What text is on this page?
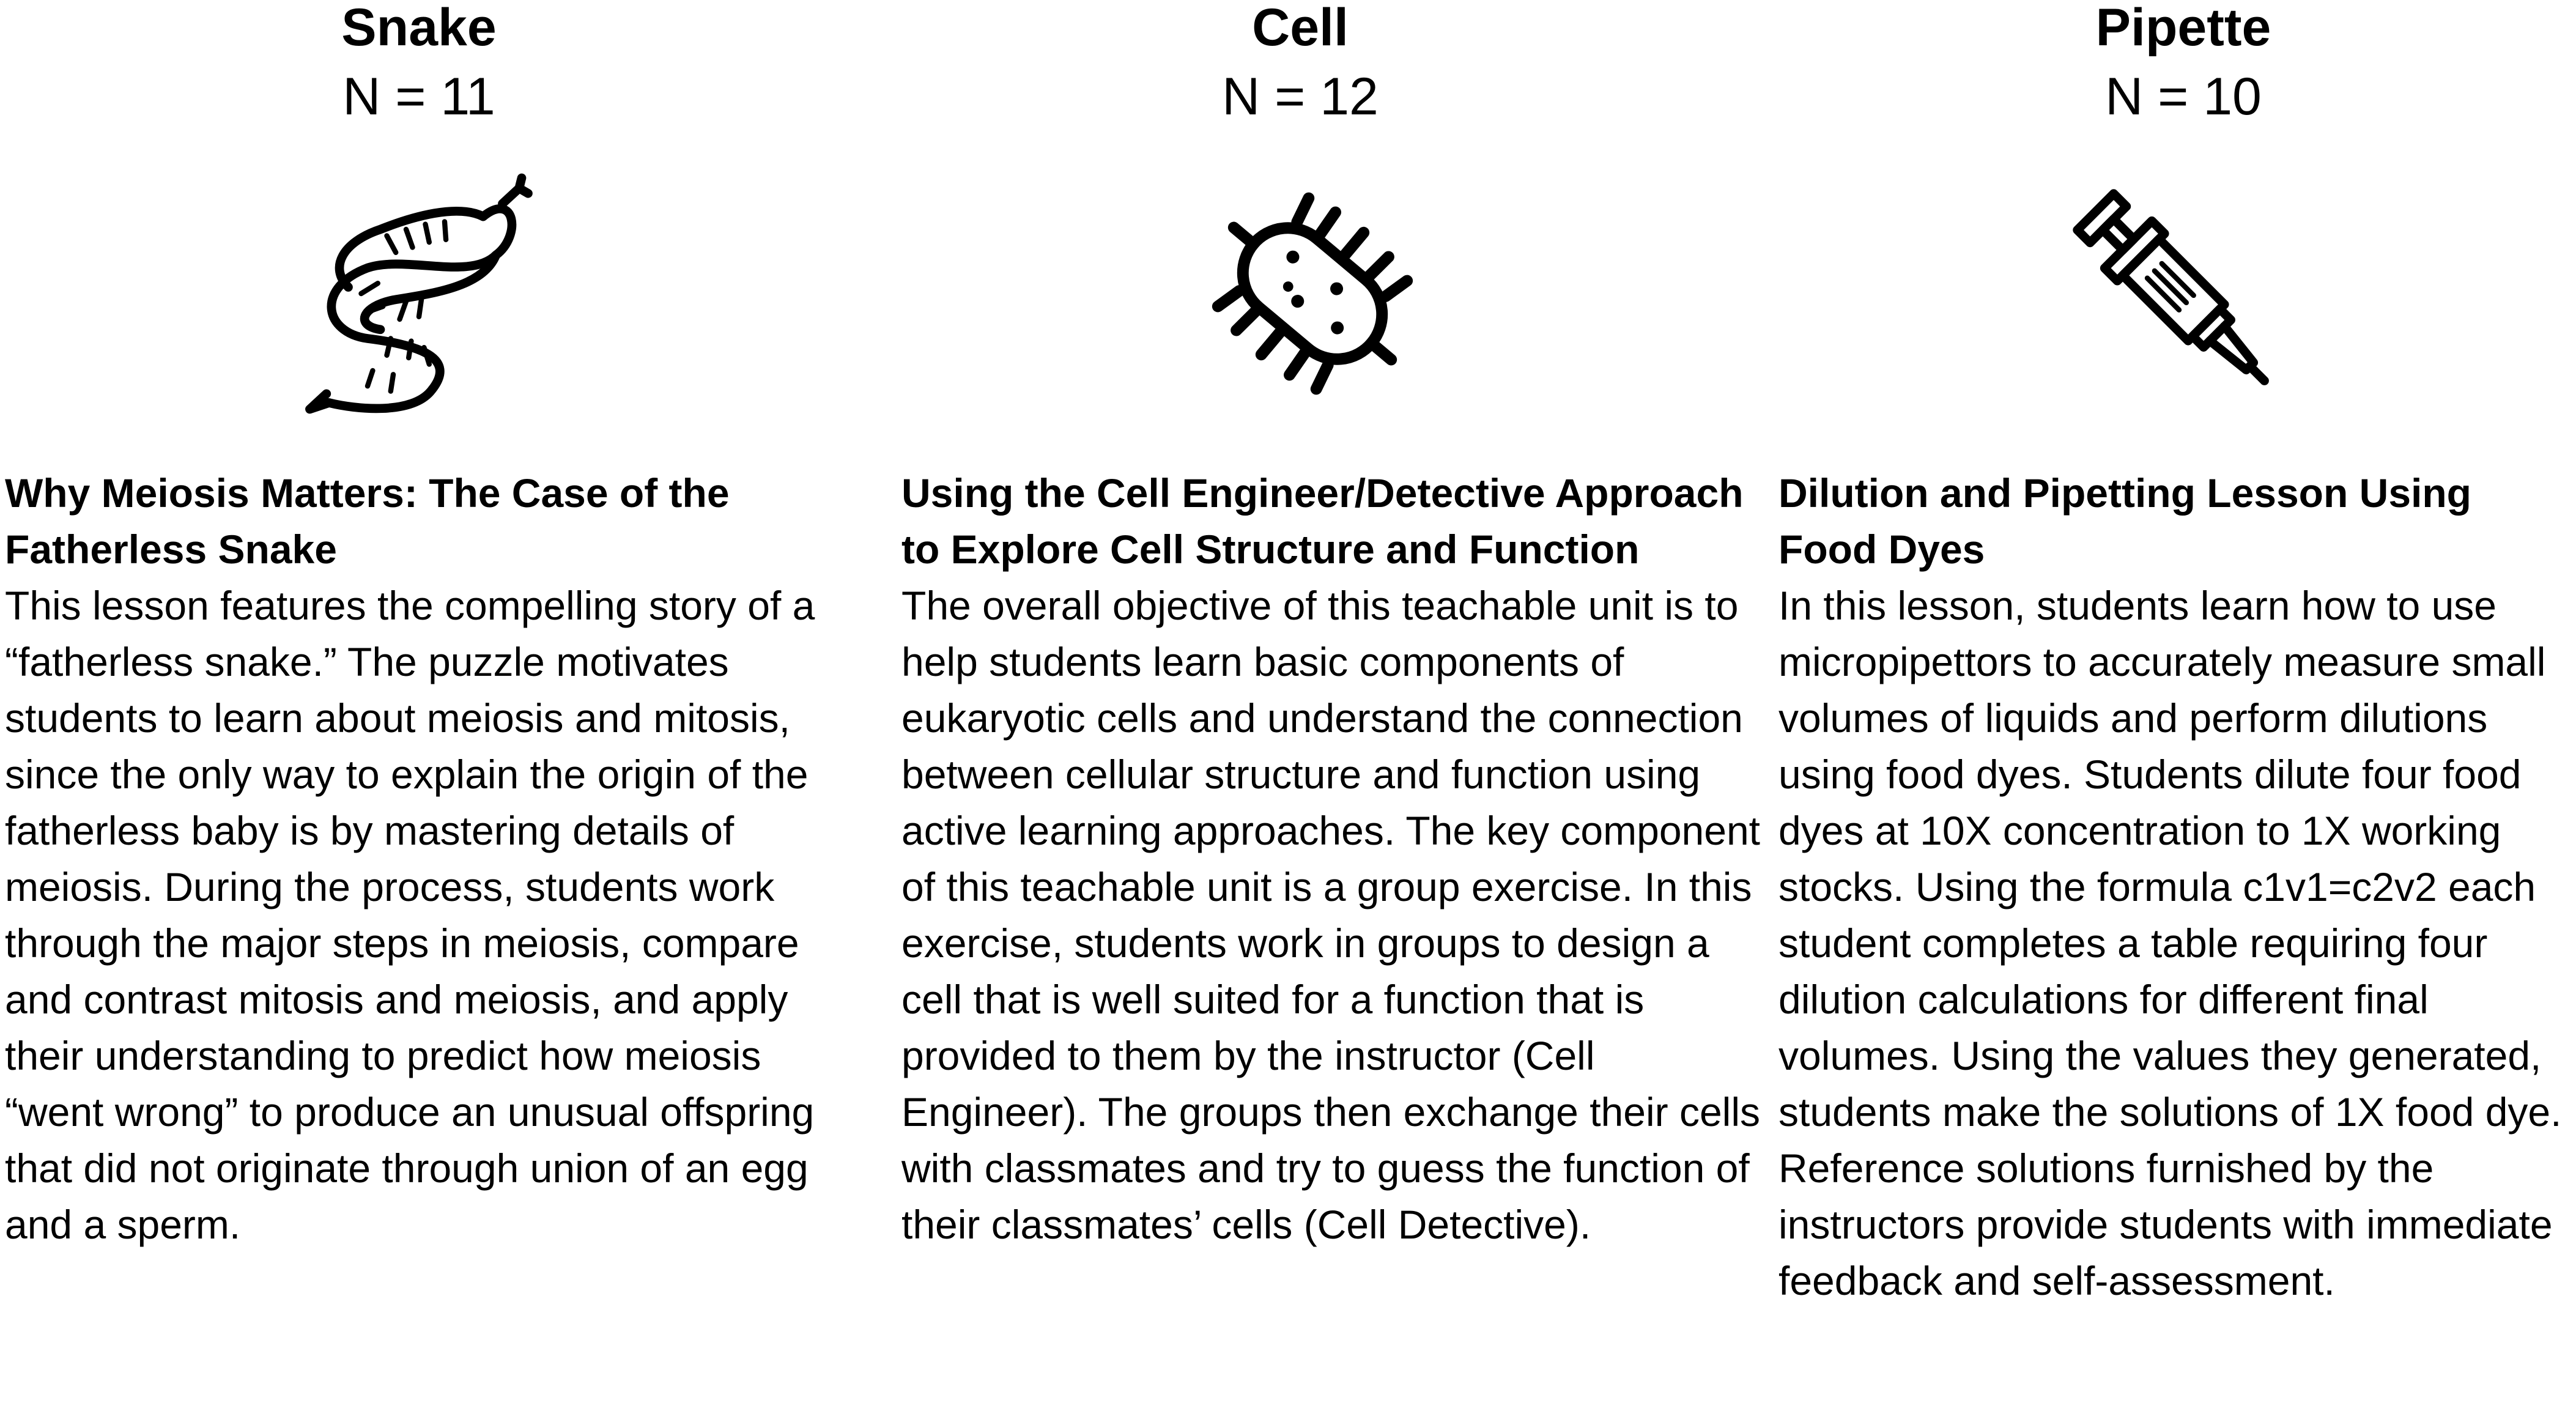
Snake
N = 11
Why Meiosis Matters: The Case of the Fatherless Snake
This lesson features the compelling story of a “fatherless snake.” The puzzle motivates students to learn about meiosis and mitosis, since the only way to explain the origin of the fatherless baby is by mastering details of meiosis. During the process, students work through the major steps in meiosis, compare and contrast mitosis and meiosis, and apply their understanding to predict how meiosis “went wrong” to produce an unusual offspring that did not originate through union of an egg and a sperm.
Cell
N = 12
Using the Cell Engineer/Detective Approach to Explore Cell Structure and Function
The overall objective of this teachable unit is to help students learn basic components of eukaryotic cells and understand the connection between cellular structure and function using active learning approaches. The key component of this teachable unit is a group exercise. In this exercise, students work in groups to design a cell that is well suited for a function that is provided to them by the instructor (Cell Engineer). The groups then exchange their cells with classmates and try to guess the function of their classmates’ cells (Cell Detective).
Pipette
N = 10
Dilution and Pipetting Lesson Using Food Dyes
In this lesson, students learn how to use micropipettors to accurately measure small volumes of liquids and perform dilutions using food dyes. Students dilute four food dyes at 10X concentration to 1X working stocks. Using the formula c1v1=c2v2 each student completes a table requiring four dilution calculations for different final volumes. Using the values they generated, students make the solutions of 1X food dye. Reference solutions furnished by the instructors provide students with immediate feedback and self-assessment.
